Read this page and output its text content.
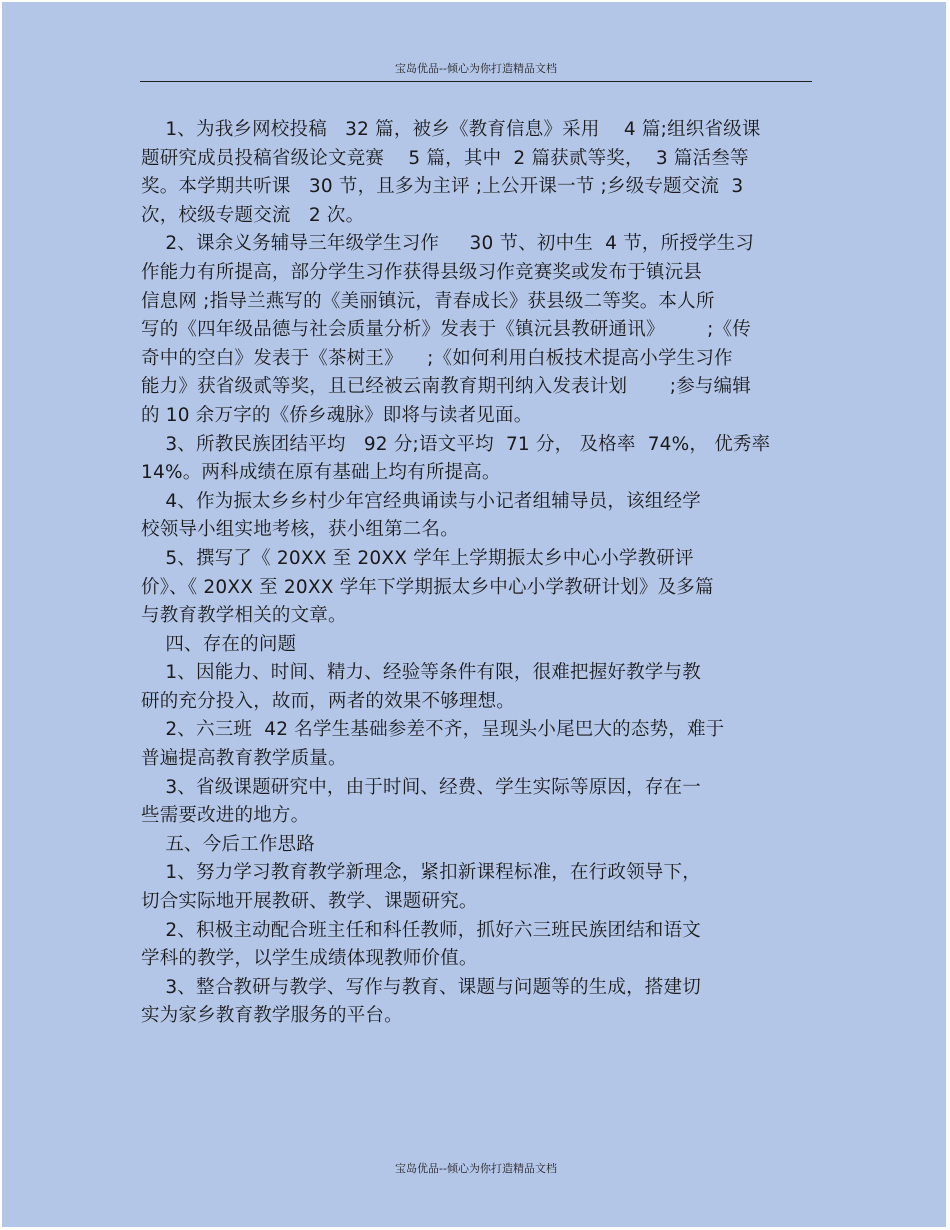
宝岛优品--倾心为你打造精品文档
1、为我乡网校投稿   32 篇，被乡《教育信息》采用    4 篇;组织省级课
题研究成员投稿省级论文竞赛    5 篇，其中  2 篇获贰等奖，  3 篇活叁等
奖。本学期共听课   30 节，且多为主评 ;上公开课一节 ;乡级专题交流  3
次，校级专题交流   2 次。
2、课余义务辅导三年级学生习作     30 节、初中生  4 节，所授学生习
作能力有所提高，部分学生习作获得县级习作竞赛奖或发布于镇沅县
信息网 ;指导兰燕写的《美丽镇沅，青春成长》获县级二等奖。本人所
写的《四年级品德与社会质量分析》发表于《镇沅县教研通讯》       ;《传
奇中的空白》发表于《茶树王》    ;《如何利用白板技术提高小学生习作
能力》获省级贰等奖，且已经被云南教育期刊纳入发表计划       ;参与编辑
的 10 余万字的《侨乡魂脉》即将与读者见面。
3、所教民族团结平均   92 分;语文平均  71 分， 及格率  74%， 优秀率
14%。两科成绩在原有基础上均有所提高。
4、作为振太乡乡村少年宫经典诵读与小记者组辅导员，该组经学
校领导小组实地考核，获小组第二名。
5、撰写了《 20XX 至 20XX 学年上学期振太乡中心小学教研评
价》、《 20XX 至 20XX 学年下学期振太乡中心小学教研计划》及多篇
与教育教学相关的文章。
四、存在的问题
1、因能力、时间、精力、经验等条件有限，很难把握好教学与教
研的充分投入，故而，两者的效果不够理想。
2、六三班  42 名学生基础参差不齐，呈现头小尾巴大的态势，难于
普遍提高教育教学质量。
3、省级课题研究中，由于时间、经费、学生实际等原因，存在一
些需要改进的地方。
五、今后工作思路
1、努力学习教育教学新理念，紧扣新课程标准，在行政领导下，
切合实际地开展教研、教学、课题研究。
2、积极主动配合班主任和科任教师，抓好六三班民族团结和语文
学科的教学，以学生成绩体现教师价值。
3、整合教研与教学、写作与教育、课题与问题等的生成，搭建切
实为家乡教育教学服务的平台。
宝岛优品--倾心为你打造精品文档
